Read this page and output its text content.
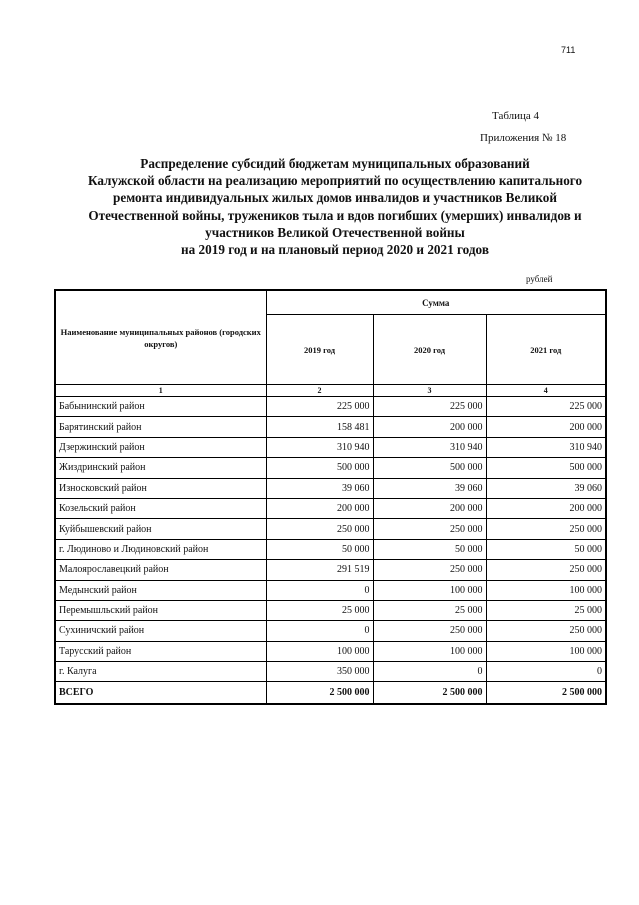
711
Таблица 4
Приложения № 18
Распределение субсидий бюджетам муниципальных образований
Калужской области на реализацию мероприятий по осуществлению капитального
ремонта индивидуальных жилых домов инвалидов и участников Великой
Отечественной войны, тружеников тыла и вдов погибших (умерших) инвалидов и
участников Великой Отечественной войны
на 2019 год и на плановый период 2020 и 2021 годов
рублей
Наименование муниципальных районов (городских округов)	Сумма		
	2019 год	2020 год	2021 год
1	2	3	4
Бабынинский район	225 000	225 000	225 000
Барятинский район	158 481	200 000	200 000
Дзержинский район	310 940	310 940	310 940
Жиздринский район	500 000	500 000	500 000
Износковский район	39 060	39 060	39 060
Козельский район	200 000	200 000	200 000
Куйбышевский район	250 000	250 000	250 000
г. Людиново и Людиновский район	50 000	50 000	50 000
Малоярославецкий район	291 519	250 000	250 000
Медынский район	0	100 000	100 000
Перемышльский район	25 000	25 000	25 000
Сухиничский район	0	250 000	250 000
Тарусский район	100 000	100 000	100 000
г. Калуга	350 000	0	0
ВСЕГО	2 500 000	2 500 000	2 500 000
